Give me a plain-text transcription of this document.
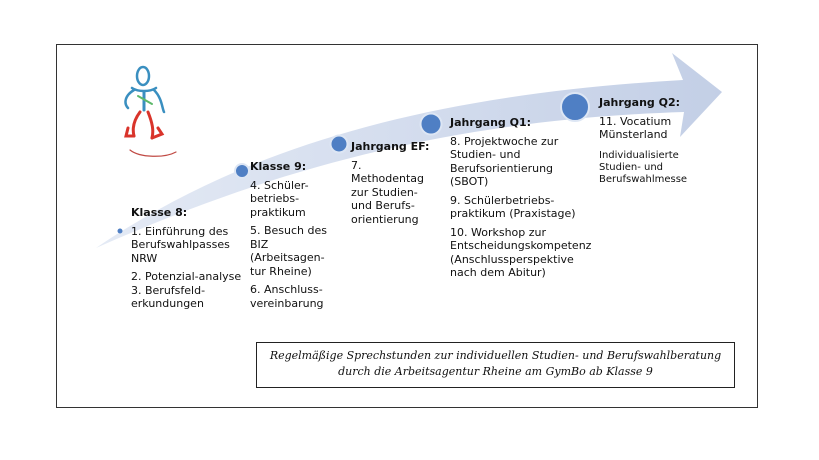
Klasse 8:
1. Einführung des Berufswahlpasses NRW
2. Potenzial-analyse
3. Berufsfeld-erkundungen
Klasse 9:
4. Schüler-betriebs-praktikum
5. Besuch des BIZ (Arbeitsagen-tur Rheine)
6. Anschluss-vereinbarung
Jahrgang EF:
7. Methodentag zur Studien- und Berufs-orientierung
Jahrgang Q1:
8. Projektwoche zur Studien- und Berufsorientierung (SBOT)
9. Schülerbetriebs-praktikum (Praxistage)
10. Workshop zur Entscheidungskompetenz (Anschlussperspektive nach dem Abitur)
Jahrgang Q2:
11. Vocatium Münsterland
Individualisierte Studien- und Berufswahlmesse
Regelmäßige Sprechstunden zur individuellen Studien- und Berufswahlberatung
durch die Arbeitsagentur Rheine am GymBo ab Klasse 9
